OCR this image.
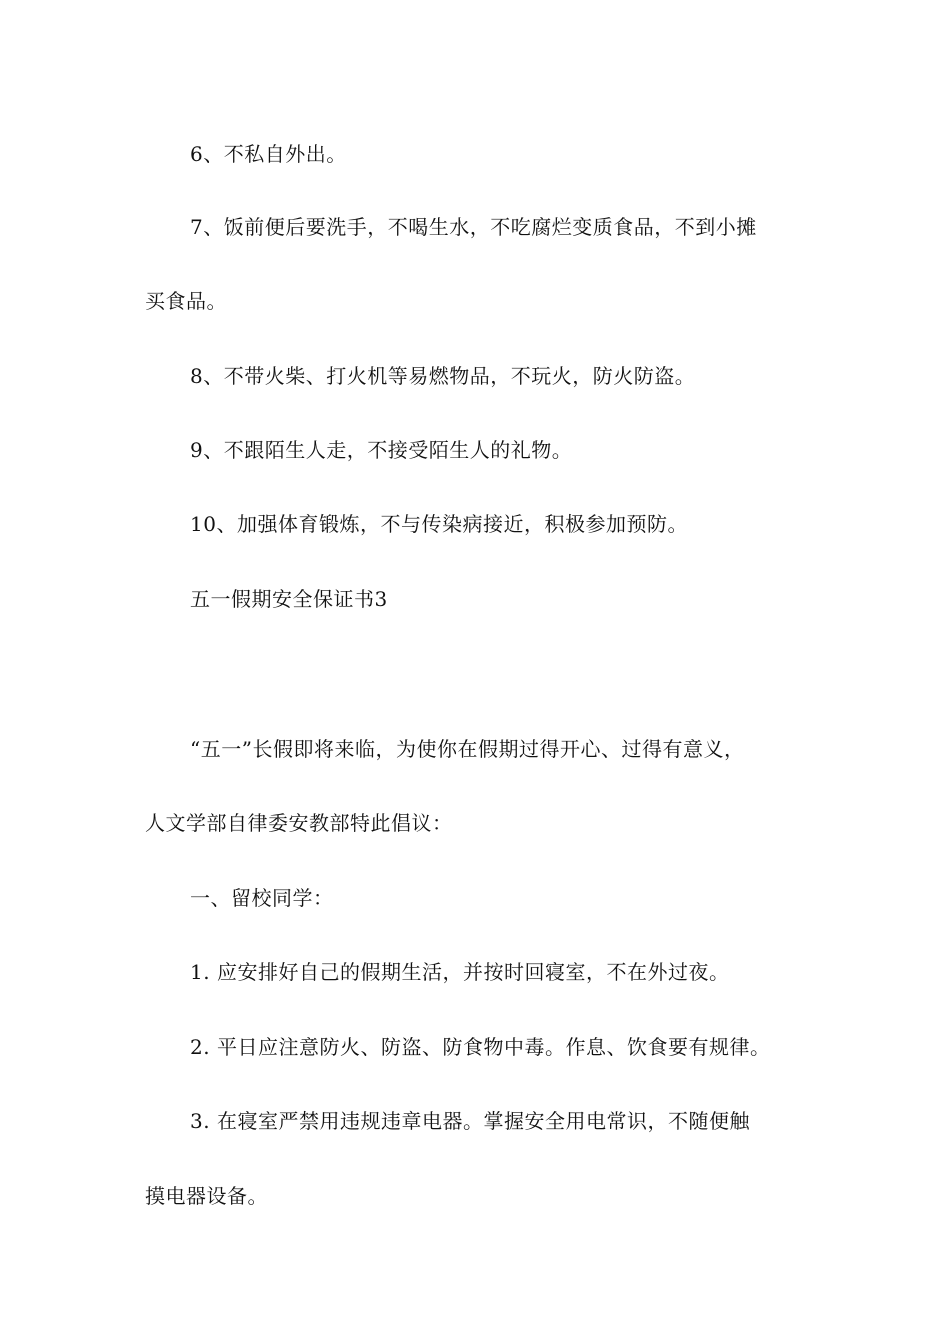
6、不私自外出。
7、饭前便后要洗手，不喝生水，不吃腐烂变质食品，不到小摊
买食品。
8、不带火柴、打火机等易燃物品，不玩火，防火防盗。
9、不跟陌生人走，不接受陌生人的礼物。
10、加强体育锻炼，不与传染病接近，积极参加预防。
五一假期安全保证书3
“五一”长假即将来临，为使你在假期过得开心、过得有意义，
人文学部自律委安教部特此倡议：
一、留校同学：
1. 应安排好自己的假期生活，并按时回寝室，不在外过夜。
2. 平日应注意防火、防盗、防食物中毒。作息、饮食要有规律。
3. 在寝室严禁用违规违章电器。掌握安全用电常识，不随便触
摸电器设备。
